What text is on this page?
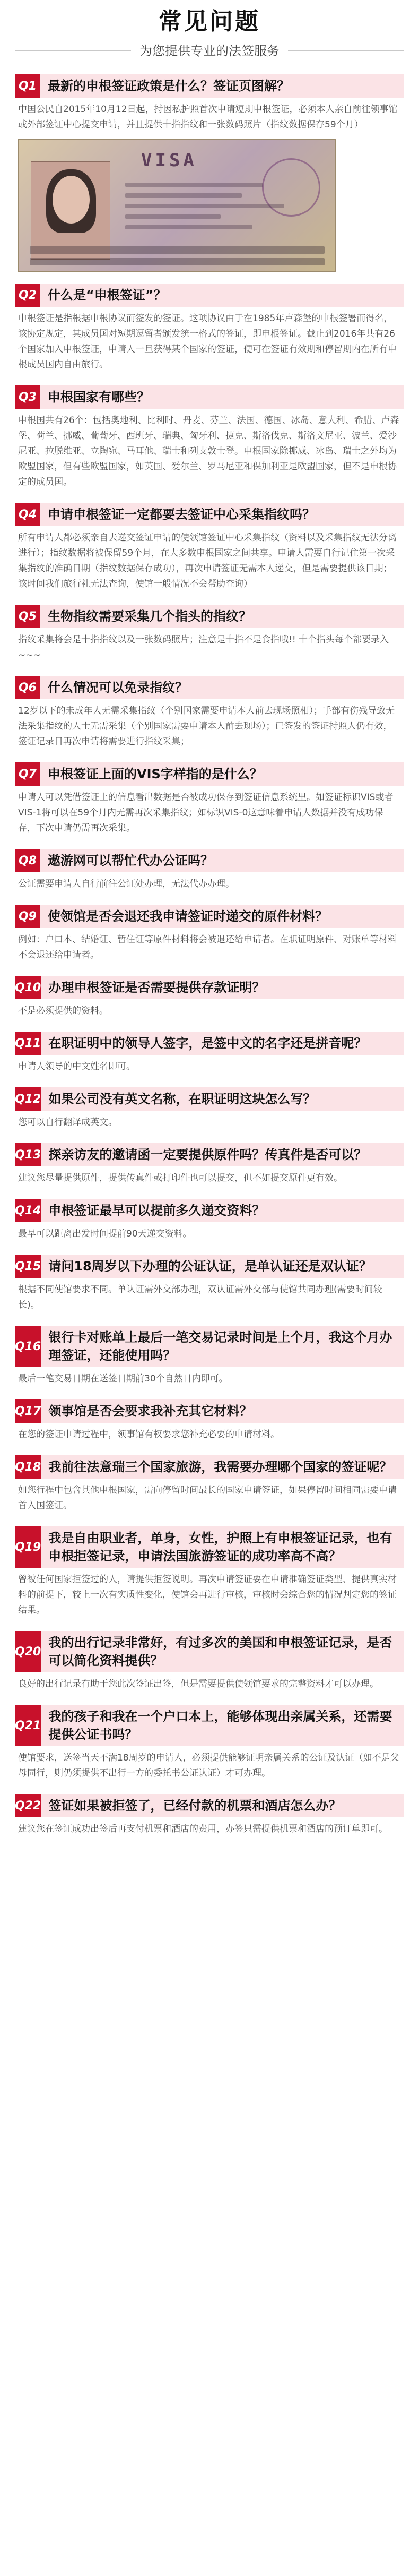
常见问题
为您提供专业的法签服务
Q1 最新的申根签证政策是什么？签证页图解？
中国公民自2015年10月12日起，持因私护照首次申请短期申根签证，必须本人亲自前往领事馆或外部签证中心提交申请，并且提供十指指纹和一张数码照片（指纹数据保存59个月）
VISA
Q2 什么是“申根签证”？
申根签证是指根据申根协议而签发的签证。这项协议由于在1985年卢森堡的申根签署而得名，该协定规定，其成员国对短期逗留者颁发统一格式的签证，即申根签证。截止到2016年共有26个国家加入申根签证，申请人一旦获得某个国家的签证，便可在签证有效期和停留期内在所有申根成员国内自由旅行。
Q3 申根国家有哪些？
申根国共有26个：包括奥地利、比利时、丹麦、芬兰、法国、德国、冰岛、意大利、希腊、卢森堡、荷兰、挪威、葡萄牙、西班牙、瑞典、匈牙利、捷克、斯洛伐克、斯洛文尼亚、波兰、爱沙尼亚、拉脱维亚、立陶宛、马耳他、瑞士和列支敦士登。申根国家除挪威、冰岛、瑞士之外均为欧盟国家，但有些欧盟国家，如英国、爱尔兰、罗马尼亚和保加利亚是欧盟国家，但不是申根协定的成员国。
Q4 申请申根签证一定都要去签证中心采集指纹吗？
所有申请人都必须亲自去递交签证申请的使领馆签证中心采集指纹（资料以及采集指纹无法分离进行）；指纹数据将被保留59个月，在大多数申根国家之间共享。申请人需要自行记住第一次采集指纹的准确日期（指纹数据保存成功），再次申请签证无需本人递交，但是需要提供该日期；该时间我们旅行社无法查询，使馆一般情况不会帮助查询）
Q5 生物指纹需要采集几个指头的指纹？
指纹采集将会是十指指纹以及一张数码照片；注意是十指不是食指哦!! 十个指头每个都要录入~~~
Q6 什么情况可以免录指纹？
12岁以下的未成年人无需采集指纹（个别国家需要申请本人前去现场照相）；手部有伤残导致无法采集指纹的人士无需采集（个别国家需要申请本人前去现场）；已签发的签证持照人仍有效，签证记录日再次申请将需要进行指纹采集；
Q7 申根签证上面的VIS字样指的是什么？
申请人可以凭借签证上的信息看出数据是否被成功保存到签证信息系统里。如签证标识VIS或者VIS-1将可以在59个月内无需再次采集指纹；如标识VIS-0这意味着申请人数据并没有成功保存，下次申请仍需再次采集。
Q8 遨游网可以帮忙代办公证吗？
公证需要申请人自行前往公证处办理，无法代办办理。
Q9 使领馆是否会退还我申请签证时递交的原件材料？
例如：户口本、结婚证、暂住证等原件材料将会被退还给申请者。在职证明原件、对账单等材料不会退还给申请者。
Q10 办理申根签证是否需要提供存款证明？
不是必须提供的资料。
Q11 在职证明中的领导人签字，是签中文的名字还是拼音呢？
申请人领导的中文姓名即可。
Q12 如果公司没有英文名称，在职证明这块怎么写？
您可以自行翻译成英文。
Q13 探亲访友的邀请函一定要提供原件吗？传真件是否可以？
建议您尽量提供原件，提供传真件或打印件也可以提交，但不如提交原件更有效。
Q14 申根签证最早可以提前多久递交资料？
最早可以距离出发时间提前90天递交资料。
Q15 请问18周岁以下办理的公证认证，是单认证还是双认证？
根据不同使馆要求不同。单认证需外交部办理，双认证需外交部与使馆共同办理(需要时间较长)。
Q16
银行卡对账单上最后一笔交易记录时间是上个月，我这个月办理签证，还能使用吗？
最后一笔交易日期在送签日期前30个自然日内即可。
Q17 领事馆是否会要求我补充其它材料？
在您的签证申请过程中，领事馆有权要求您补充必要的申请材料。
Q18 我前往法意瑞三个国家旅游，我需要办理哪个国家的签证呢？
如您行程中包含其他申根国家，需向停留时间最长的国家申请签证，如果停留时间相同需要申请首入国签证。
Q19
我是自由职业者，单身，女性，护照上有申根签证记录，也有申根拒签记录，申请法国旅游签证的成功率高不高？
曾被任何国家拒签过的人，请提供拒签说明。再次申请签证要在申请准确签证类型、提供真实材料的前提下，较上一次有实质性变化，使馆会再进行审核，审核时会综合您的情况判定您的签证结果。
Q20
我的出行记录非常好，有过多次的美国和申根签证记录，是否可以简化资料提供？
良好的出行记录有助于您此次签证出签，但是需要提供使领馆要求的完整资料才可以办理。
Q21
我的孩子和我在一个户口本上，能够体现出亲属关系，还需要提供公证书吗？
使馆要求，送签当天不满18周岁的申请人，必须提供能够证明亲属关系的公证及认证（如不是父母同行，则仍须提供不出行一方的委托书公证认证）才可办理。
Q22 签证如果被拒签了，已经付款的机票和酒店怎么办？
建议您在签证成功出签后再支付机票和酒店的费用，办签只需提供机票和酒店的预订单即可。
